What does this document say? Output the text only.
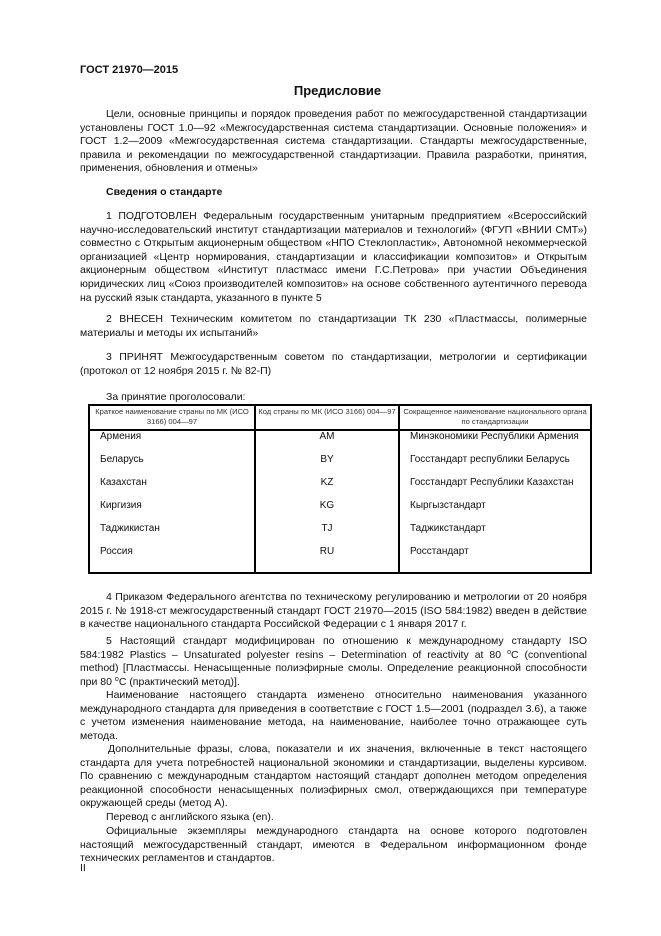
ГОСТ 21970—2015
Предисловие
Цели, основные принципы и порядок проведения работ по межгосударственной стандартизации установлены ГОСТ 1.0—92 «Межгосударственная система стандартизации. Основные положения» и ГОСТ 1.2—2009 «Межгосударственная система стандартизации. Стандарты межгосударственные, правила и рекомендации по межгосударственной стандартизации. Правила разработки, принятия, применения, обновления и отмены»
Сведения о стандарте
1 ПОДГОТОВЛЕН Федеральным государственным унитарным предприятием «Всероссийский научно-исследовательский институт стандартизации материалов и технологий» (ФГУП «ВНИИ СМТ») совместно с Открытым акционерным обществом «НПО Стеклопластик», Автономной некоммерческой организацией «Центр нормирования, стандартизации и классификации композитов» и Открытым акционерным обществом «Институт пластмасс имени Г.С.Петрова» при участии Объединения юридических лиц «Союз производителей композитов» на основе собственного аутентичного перевода на русский язык стандарта, указанного в пункте 5
2 ВНЕСЕН Техническим комитетом по стандартизации ТК 230 «Пластмассы, полимерные материалы и методы их испытаний»
3 ПРИНЯТ Межгосударственным советом по стандартизации, метрологии и сертификации (протокол от 12 ноября 2015 г. № 82-П)
За принятие проголосовали:
Краткое наименование страны по МК (ИСО 3166) 004—97	Код страны по МК (ИСО 3166) 004—97	Сокращенное наименование национального органа по стандартизации
Армения	AM	Минэкономики Республики Армения
Беларусь	BY	Госстандарт республики Беларусь
Казахстан	KZ	Госстандарт Республики Казахстан
Киргизия	KG	Кыргызстандарт
Таджикистан	TJ	Таджикстандарт
Россия	RU	Росстандарт
4 Приказом Федерального агентства по техническому регулированию и метрологии от 20 ноября 2015 г. № 1918-ст межгосударственный стандарт ГОСТ 21970—2015 (ISO 584:1982) введен в действие в качестве национального стандарта Российской Федерации с 1 января 2017 г.
5 Настоящий стандарт модифицирован по отношению к международному стандарту ISO 584:1982 Plastics – Unsaturated polyester resins – Determination of reactivity at 80 $^o$C (conventional method) [Пластмассы. Ненасыщенные полиэфирные смолы. Определение реакционной способности при 80 $^o$C (практический метод)].
Наименование настоящего стандарта изменено относительно наименования указанного международного стандарта для приведения в соответствие с ГОСТ 1.5—2001 (подраздел 3.6), а также с учетом изменения наименование метода, на наименование, наиболее точно отражающее суть метода.
Дополнительные фразы, слова, показатели и их значения, включенные в текст настоящего стандарта для учета потребностей национальной экономики и стандартизации, выделены курсивом. По сравнению с международным стандартом настоящий стандарт дополнен методом определения реакционной способности ненасыщенных полиэфирных смол, отверждающихся при температуре окружающей среды (метод А).
Перевод с английского языка (en).
Официальные экземпляры международного стандарта на основе которого подготовлен настоящий межгосударственный стандарт, имеются в Федеральном информационном фонде технических регламентов и стандартов.
II
